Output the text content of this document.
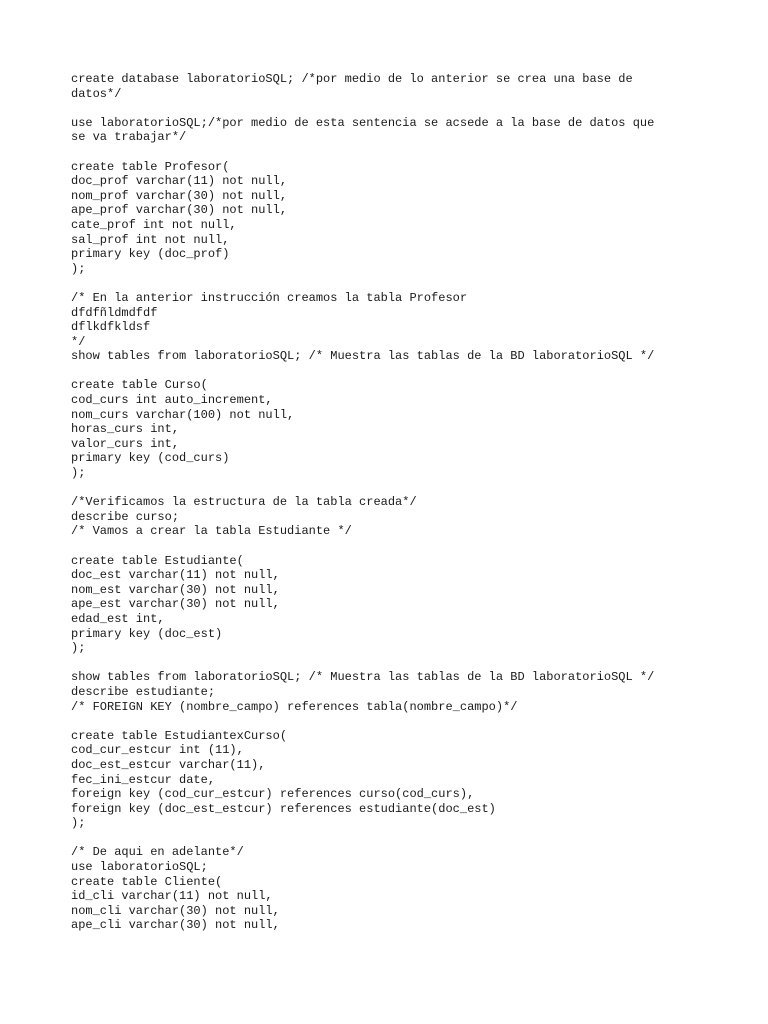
create database laboratorioSQL; /*por medio de lo anterior se crea una base de
datos*/
use laboratorioSQL;/*por medio de esta sentencia se acsede a la base de datos que
se va trabajar*/
create table Profesor(
doc_prof varchar(11) not null,
nom_prof varchar(30) not null,
ape_prof varchar(30) not null,
cate_prof int not null,
sal_prof int not null,
primary key (doc_prof)
);
/* En la anterior instrucción creamos la tabla Profesor
dfdfñldmdfdf
dflkdfkldsf
*/
show tables from laboratorioSQL; /* Muestra las tablas de la BD laboratorioSQL */
create table Curso(
cod_curs int auto_increment,
nom_curs varchar(100) not null,
horas_curs int,
valor_curs int,
primary key (cod_curs)
);
/*Verificamos la estructura de la tabla creada*/
describe curso;
/* Vamos a crear la tabla Estudiante */
create table Estudiante(
doc_est varchar(11) not null,
nom_est varchar(30) not null,
ape_est varchar(30) not null,
edad_est int,
primary key (doc_est)
);
show tables from laboratorioSQL; /* Muestra las tablas de la BD laboratorioSQL */
describe estudiante;
/* FOREIGN KEY (nombre_campo) references tabla(nombre_campo)*/
create table EstudiantexCurso(
cod_cur_estcur int (11),
doc_est_estcur varchar(11),
fec_ini_estcur date,
foreign key (cod_cur_estcur) references curso(cod_curs),
foreign key (doc_est_estcur) references estudiante(doc_est)
);
/* De aqui en adelante*/
use laboratorioSQL;
create table Cliente(
id_cli varchar(11) not null,
nom_cli varchar(30) not null,
ape_cli varchar(30) not null,
